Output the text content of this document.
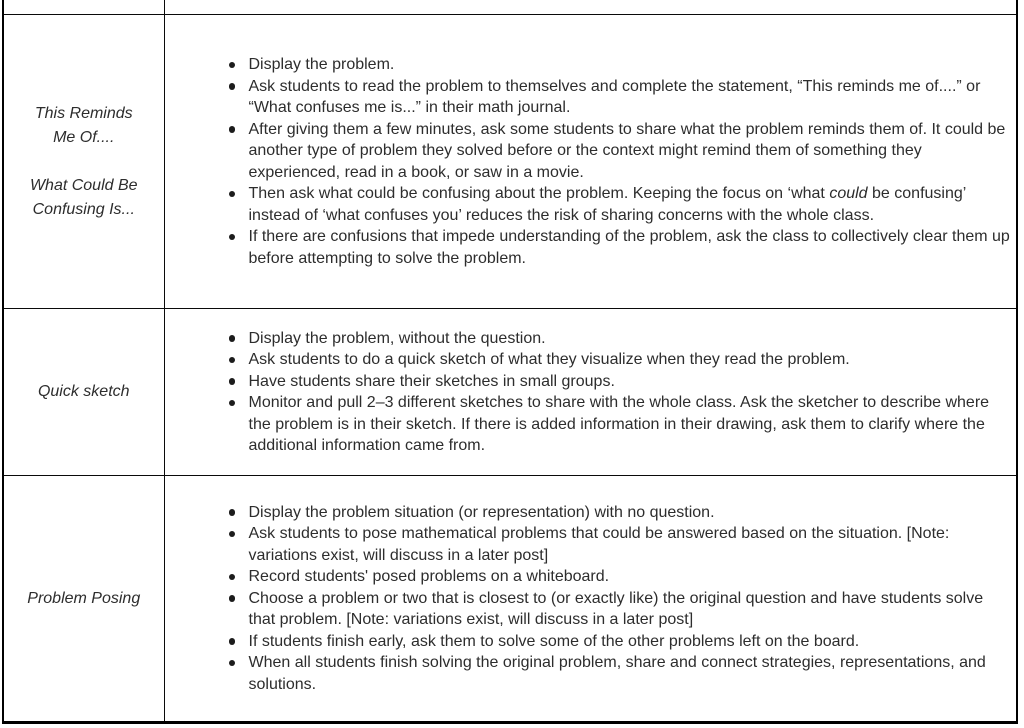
This Reminds
Me Of....
What Could Be
Confusing Is...

Display the problem.
Ask students to read the problem to themselves and complete the statement, “This reminds me of....” or “What confuses me is...” in their math journal.
After giving them a few minutes, ask some students to share what the problem reminds them of. It could be another type of problem they solved before or the context might remind them of something they experienced, read in a book, or saw in a movie.
Then ask what could be confusing about the problem. Keeping the focus on ‘what could be confusing’ instead of ‘what confuses you’ reduces the risk of sharing concerns with the whole class.
If there are confusions that impede understanding of the problem, ask the class to collectively clear them up before attempting to solve the problem.

Quick sketch

Display the problem, without the question.
Ask students to do a quick sketch of what they visualize when they read the problem.
Have students share their sketches in small groups.
Monitor and pull 2–3 different sketches to share with the whole class. Ask the sketcher to describe where the problem is in their sketch. If there is added information in their drawing, ask them to clarify where the additional information came from.

Problem Posing

Display the problem situation (or representation) with no question.
Ask students to pose mathematical problems that could be answered based on the situation. [Note: variations exist, will discuss in a later post]
Record students' posed problems on a whiteboard.
Choose a problem or two that is closest to (or exactly like) the original question and have students solve that problem. [Note: variations exist, will discuss in a later post]
If students finish early, ask them to solve some of the other problems left on the board.
When all students finish solving the original problem, share and connect strategies, representations, and solutions.
